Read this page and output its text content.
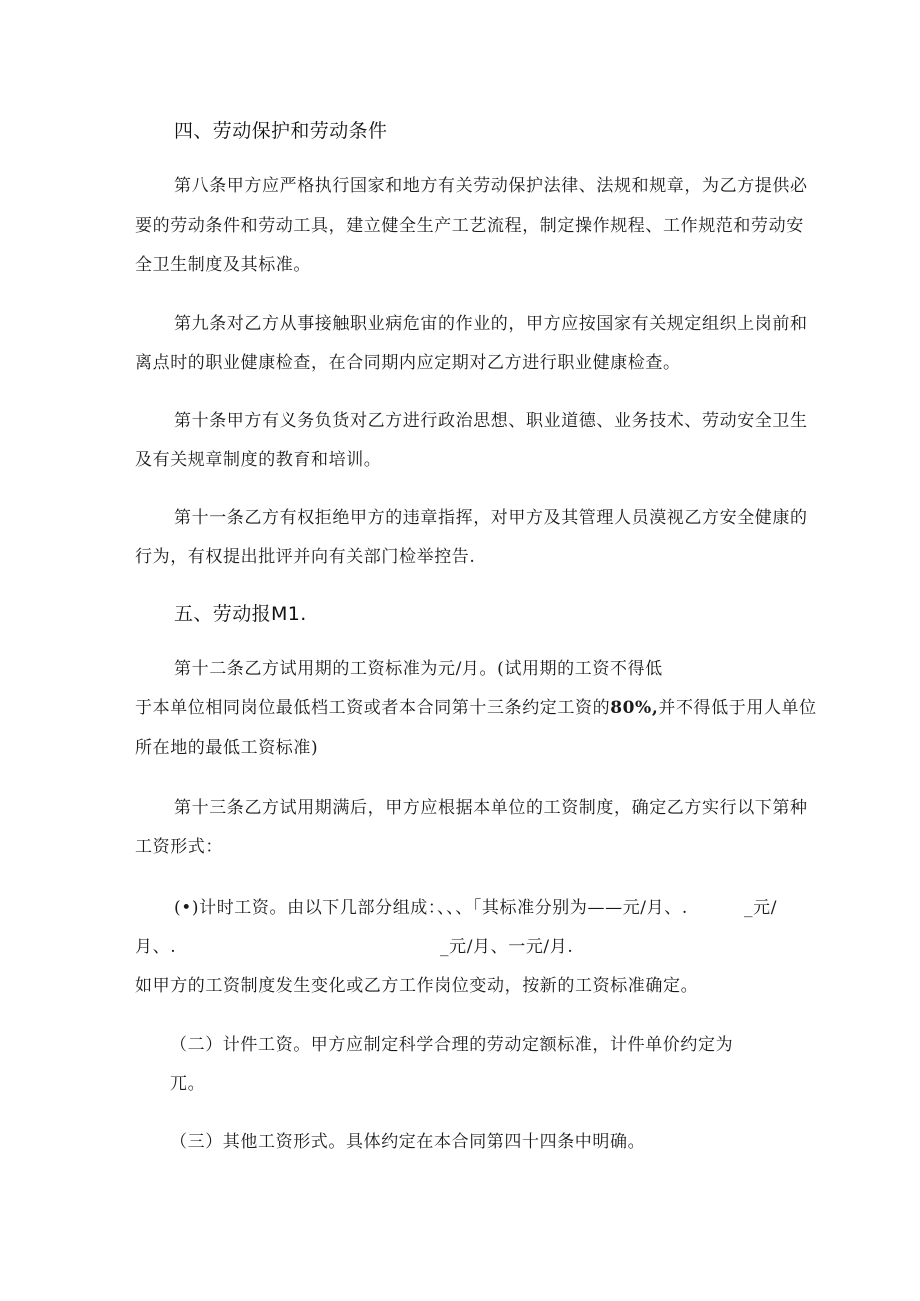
四、劳动保护和劳动条件
第八条甲方应严格执行国家和地方有关劳动保护法律、法规和规章，为乙方提供必
要的劳动条件和劳动工具，建立健全生产工艺流程，制定操作规程、工作规范和劳动安
全卫生制度及其标准。
第九条对乙方从事接触职业病危宙的作业的，甲方应按国家有关规定组织上岗前和
离点时的职业健康检查，在合同期内应定期对乙方进行职业健康检查。
第十条甲方有义务负货对乙方进行政治思想、职业道德、业务技术、劳动安全卫生
及有关规章制度的教育和培训。
第十一条乙方有权拒绝甲方的违章指挥，对甲方及其管理人员漠视乙方安全健康的
行为，有权提出批评并向有关部门检举控告.
五、劳动报M1.
第十二条乙方试用期的工资标准为元/月。(试用期的工资不得低
于本单位相同岗位最低档工资或者本合同第十三条约定工资的80%,并不得低于用人单位
所在地的最低工资标准)
第十三条乙方试用期满后，甲方应根据本单位的工资制度，确定乙方实行以下第种
工资形式：
(•)计时工资。由以下几部分组成：、、、「其标准分别为——元/月、.	_元/
月、.	_元/月、一元/月.
如甲方的工资制度发生变化或乙方工作岗位变动，按新的工资标准确定。
（二）计件工资。甲方应制定科学合理的劳动定额标准，计件单价约定为
兀。
（三）其他工资形式。具体约定在本合同第四十四条中明确。
